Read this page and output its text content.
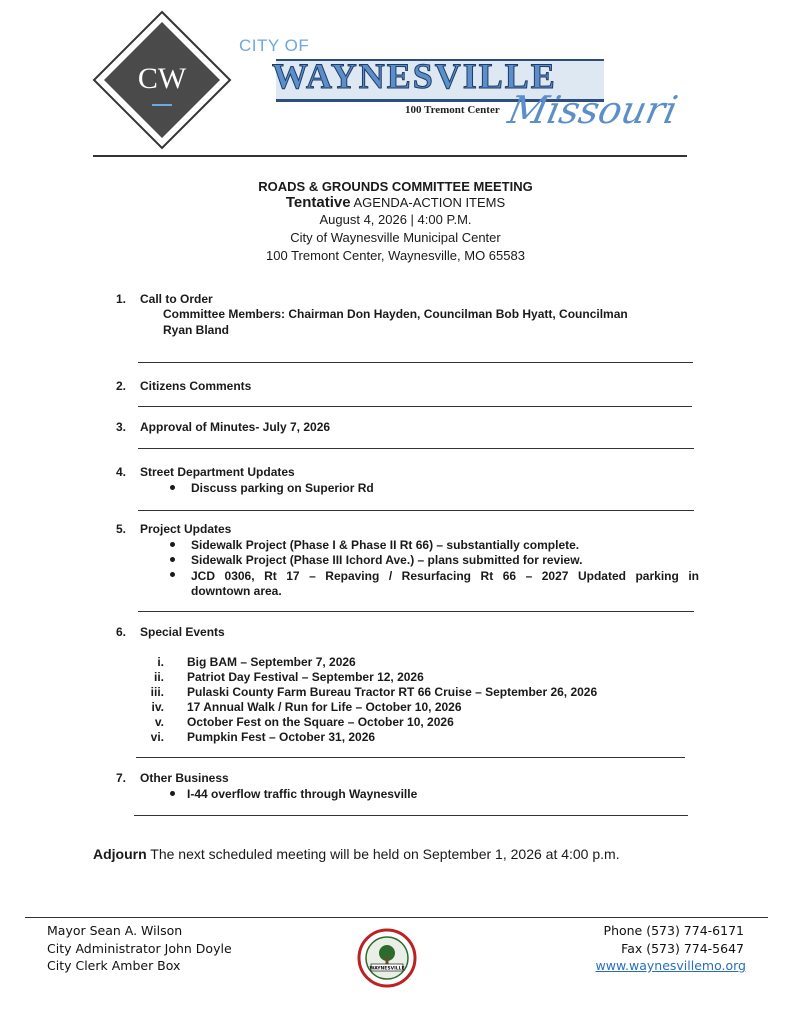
CW
CITY OF
WAYNESVILLE
100 Tremont Center Missouri
ROADS & GROUNDS COMMITTEE MEETING
Tentative AGENDA-ACTION ITEMS
August 4, 2026 | 4:00 P.M.
City of Waynesville Municipal Center
100 Tremont Center, Waynesville, MO 65583
1. Call to Order
Committee Members: Chairman Don Hayden, Councilman Bob Hyatt, Councilman
Ryan Bland
2. Citizens Comments
3. Approval of Minutes- July 7, 2026
4. Street Department Updates
Discuss parking on Superior Rd
5. Project Updates
Sidewalk Project (Phase I & Phase II Rt 66) – substantially complete.
Sidewalk Project (Phase III Ichord Ave.) – plans submitted for review.
JCD 0306, Rt 17 – Repaving / Resurfacing Rt 66 – 2027 Updated parking in
downtown area.
6. Special Events
i. Big BAM – September 7, 2026
ii. Patriot Day Festival – September 12, 2026
iii. Pulaski County Farm Bureau Tractor RT 66 Cruise – September 26, 2026
iv. 17 Annual Walk / Run for Life – October 10, 2026
v. October Fest on the Square – October 10, 2026
vi. Pumpkin Fest – October 31, 2026
7. Other Business
I-44 overflow traffic through Waynesville
Adjourn The next scheduled meeting will be held on September 1, 2026 at 4:00 p.m.
Mayor Sean A. Wilson
City Administrator John Doyle
City Clerk Amber Box	WAYNESVILLE
Phone (573) 774-6171
Fax (573) 774-5647
www.waynesvillemo.org
